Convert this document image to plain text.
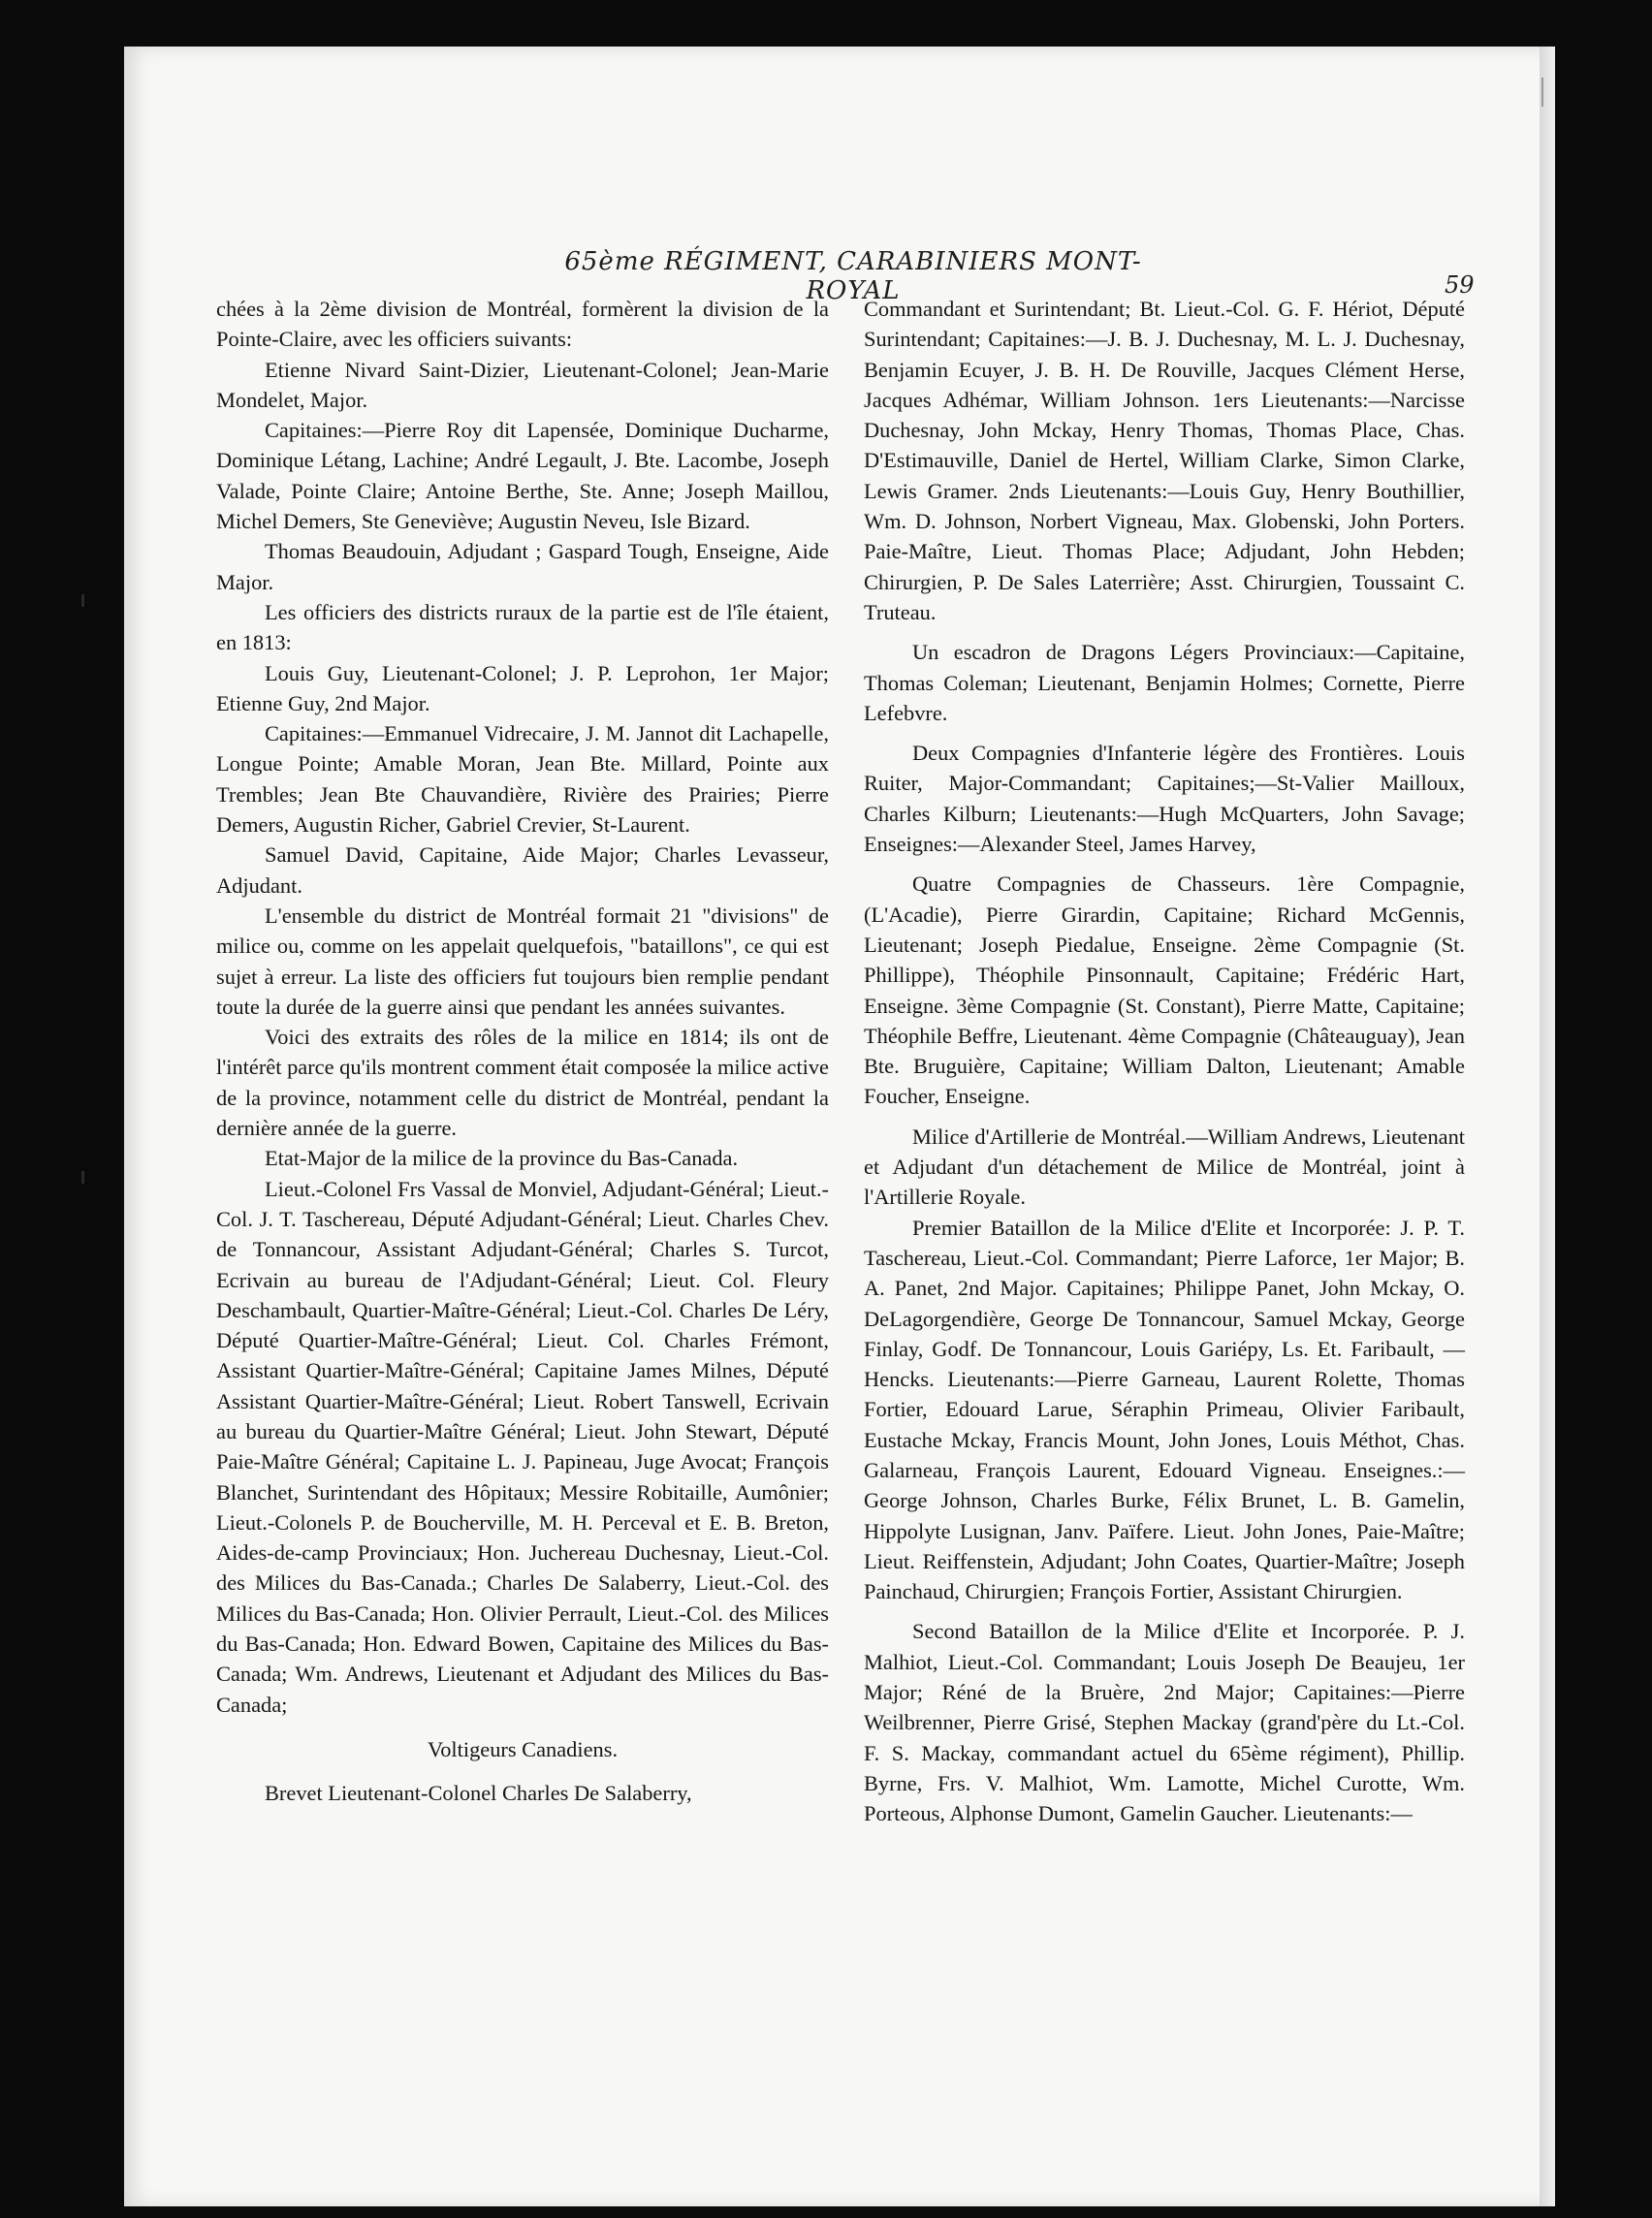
65ème RÉGIMENT, CARABINIERS MONT-ROYAL	59

chées à la 2ème division de Montréal, formèrent la division de la Pointe-Claire, avec les officiers suivants:

Etienne Nivard Saint-Dizier, Lieutenant-Colonel; Jean-Marie Mondelet, Major.

Capitaines:—Pierre Roy dit Lapensée, Dominique Ducharme, Dominique Létang, Lachine; André Legault, J. Bte. Lacombe, Joseph Valade, Pointe Claire; Antoine Berthe, Ste. Anne; Joseph Maillou, Michel Demers, Ste Geneviève; Augustin Neveu, Isle Bizard.

Thomas Beaudouin, Adjudant ; Gaspard Tough, Enseigne, Aide Major.

Les officiers des districts ruraux de la partie est de l'île étaient, en 1813:

Louis Guy, Lieutenant-Colonel; J. P. Leprohon, 1er Major; Etienne Guy, 2nd Major.

Capitaines:—Emmanuel Vidrecaire, J. M. Jannot dit Lachapelle, Longue Pointe; Amable Moran, Jean Bte. Millard, Pointe aux Trembles; Jean Bte Chauvandière, Rivière des Prairies; Pierre Demers, Augustin Richer, Gabriel Crevier, St-Laurent.

Samuel David, Capitaine, Aide Major; Charles Levasseur, Adjudant.

L'ensemble du district de Montréal formait 21 "divisions" de milice ou, comme on les appelait quelquefois, "bataillons", ce qui est sujet à erreur. La liste des officiers fut toujours bien remplie pendant toute la durée de la guerre ainsi que pendant les années suivantes.

Voici des extraits des rôles de la milice en 1814; ils ont de l'intérêt parce qu'ils montrent comment était composée la milice active de la province, notamment celle du district de Montréal, pendant la dernière année de la guerre.

Etat-Major de la milice de la province du Bas-Canada.

Lieut.-Colonel Frs Vassal de Monviel, Adjudant-Général; Lieut.-Col. J. T. Taschereau, Député Adjudant-Général; Lieut. Charles Chev. de Tonnancour, Assistant Adjudant-Général; Charles S. Turcot, Ecrivain au bureau de l'Adjudant-Général; Lieut. Col. Fleury Deschambault, Quartier-Maître-Général; Lieut.-Col. Charles De Léry, Député Quartier-Maître-Général; Lieut. Col. Charles Frémont, Assistant Quartier-Maître-Général; Capitaine James Milnes, Député Assistant Quartier-Maître-Général; Lieut. Robert Tanswell, Ecrivain au bureau du Quartier-Maître Général; Lieut. John Stewart, Député Paie-Maître Général; Capitaine L. J. Papineau, Juge Avocat; François Blanchet, Surintendant des Hôpitaux; Messire Robitaille, Aumônier; Lieut.-Colonels P. de Boucherville, M. H. Perceval et E. B. Breton, Aides-de-camp Provinciaux; Hon. Juchereau Duchesnay, Lieut.-Col. des Milices du Bas-Canada.; Charles De Salaberry, Lieut.-Col. des Milices du Bas-Canada; Hon. Olivier Perrault, Lieut.-Col. des Milices du Bas-Canada; Hon. Edward Bowen, Capitaine des Milices du Bas-Canada; Wm. Andrews, Lieutenant et Adjudant des Milices du Bas-Canada;

Voltigeurs Canadiens.

Brevet Lieutenant-Colonel Charles De Salaberry,

Commandant et Surintendant; Bt. Lieut.-Col. G. F. Hériot, Député Surintendant; Capitaines:—J. B. J. Duchesnay, M. L. J. Duchesnay, Benjamin Ecuyer, J. B. H. De Rouville, Jacques Clément Herse, Jacques Adhémar, William Johnson. 1ers Lieutenants:—Narcisse Duchesnay, John Mckay, Henry Thomas, Thomas Place, Chas. D'Estimauville, Daniel de Hertel, William Clarke, Simon Clarke, Lewis Gramer. 2nds Lieutenants:—Louis Guy, Henry Bouthillier, Wm. D. Johnson, Norbert Vigneau, Max. Globenski, John Porters. Paie-Maître, Lieut. Thomas Place; Adjudant, John Hebden; Chirurgien, P. De Sales Laterrière; Asst. Chirurgien, Toussaint C. Truteau.

Un escadron de Dragons Légers Provinciaux:—Capitaine, Thomas Coleman; Lieutenant, Benjamin Holmes; Cornette, Pierre Lefebvre.

Deux Compagnies d'Infanterie légère des Frontières. Louis Ruiter, Major-Commandant; Capitaines;—St-Valier Mailloux, Charles Kilburn; Lieutenants:—Hugh McQuarters, John Savage; Enseignes:—Alexander Steel, James Harvey,

Quatre Compagnies de Chasseurs. 1ère Compagnie, (L'Acadie), Pierre Girardin, Capitaine; Richard McGennis, Lieutenant; Joseph Piedalue, Enseigne. 2ème Compagnie (St. Phillippe), Théophile Pinsonnault, Capitaine; Frédéric Hart, Enseigne. 3ème Compagnie (St. Constant), Pierre Matte, Capitaine; Théophile Beffre, Lieutenant. 4ème Compagnie (Châteauguay), Jean Bte. Bruguière, Capitaine; William Dalton, Lieutenant; Amable Foucher, Enseigne.

Milice d'Artillerie de Montréal.—William Andrews, Lieutenant et Adjudant d'un détachement de Milice de Montréal, joint à l'Artillerie Royale.

Premier Bataillon de la Milice d'Elite et Incorporée: J. P. T. Taschereau, Lieut.-Col. Commandant; Pierre Laforce, 1er Major; B. A. Panet, 2nd Major. Capitaines; Philippe Panet, John Mckay, O. DeLagorgendière, George De Tonnancour, Samuel Mckay, George Finlay, Godf. De Tonnancour, Louis Gariépy, Ls. Et. Faribault, — Hencks. Lieutenants:—Pierre Garneau, Laurent Rolette, Thomas Fortier, Edouard Larue, Séraphin Primeau, Olivier Faribault, Eustache Mckay, Francis Mount, John Jones, Louis Méthot, Chas. Galarneau, François Laurent, Edouard Vigneau. Enseignes.:—George Johnson, Charles Burke, Félix Brunet, L. B. Gamelin, Hippolyte Lusignan, Janv. Païfere. Lieut. John Jones, Paie-Maître; Lieut. Reiffenstein, Adjudant; John Coates, Quartier-Maître; Joseph Painchaud, Chirurgien; François Fortier, Assistant Chirurgien.

Second Bataillon de la Milice d'Elite et Incorporée. P. J. Malhiot, Lieut.-Col. Commandant; Louis Joseph De Beaujeu, 1er Major; Réné de la Bruère, 2nd Major; Capitaines:—Pierre Weilbrenner, Pierre Grisé, Stephen Mackay (grand'père du Lt.-Col. F. S. Mackay, commandant actuel du 65ème régiment), Phillip. Byrne, Frs. V. Malhiot, Wm. Lamotte, Michel Curotte, Wm. Porteous, Alphonse Dumont, Gamelin Gaucher. Lieutenants:—
